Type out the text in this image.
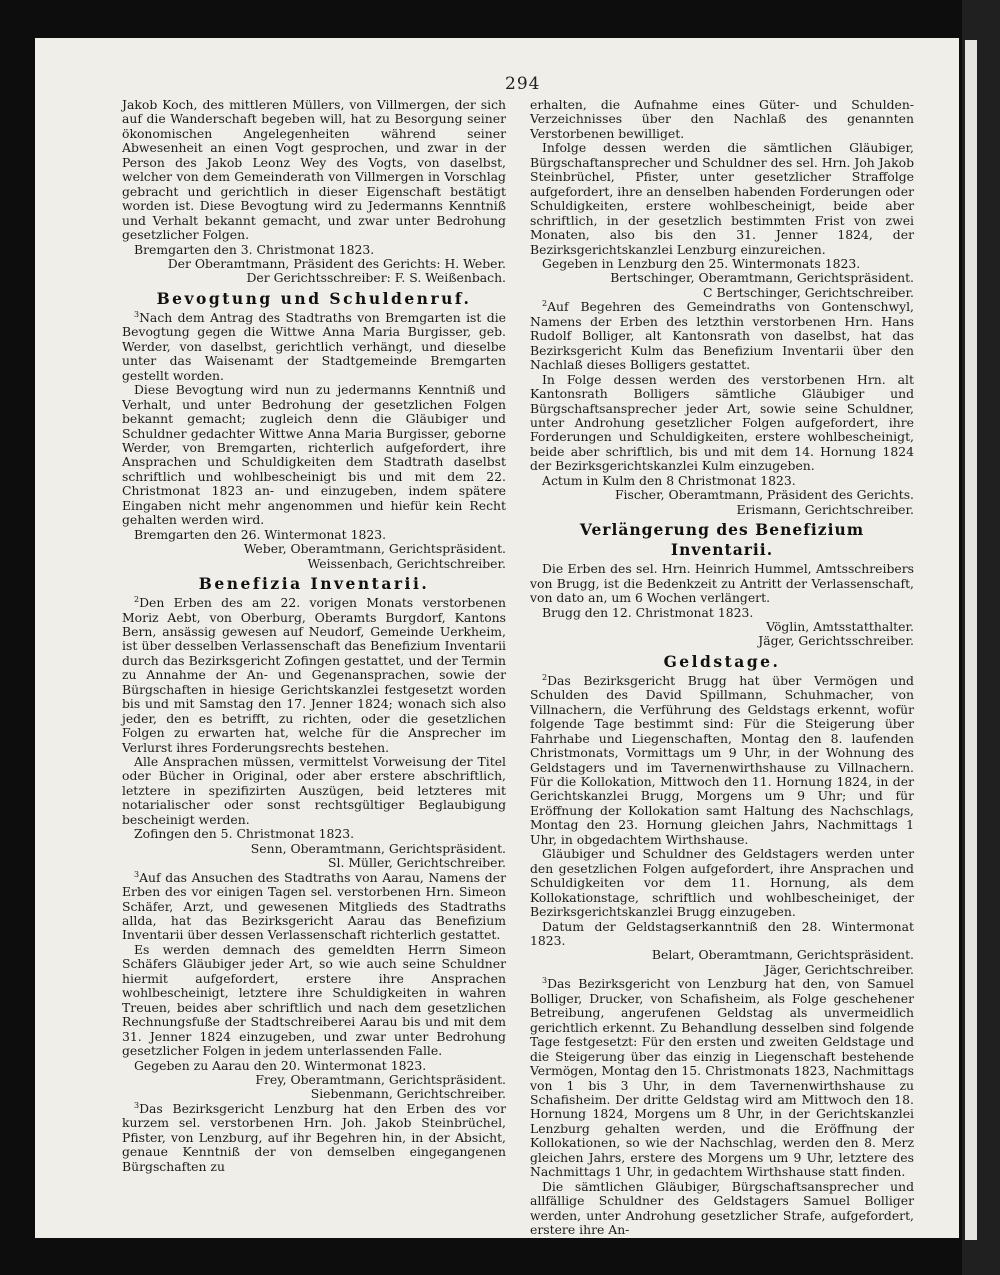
294

Jakob Koch, des mittleren Müllers, von Villmergen, der sich auf die Wanderschaft begeben will, hat zu Besorgung seiner ökonomischen Angelegenheiten während seiner Abwesenheit an einen Vogt gesprochen, und zwar in der Person des Jakob Leonz Wey des Vogts, von daselbst, welcher von dem Gemeinderath von Villmergen in Vorschlag gebracht und gerichtlich in dieser Eigenschaft bestätigt worden ist. Diese Bevogtung wird zu Jedermanns Kenntniß und Verhalt bekannt gemacht, und zwar unter Bedrohung gesetzlicher Folgen.

Bremgarten den 3. Christmonat 1823.

Der Oberamtmann, Präsident des Gerichts: H. Weber.

Der Gerichtsschreiber: F. S. Weißenbach.

Bevogtung und Schuldenruf.

$^3$Nach dem Antrag des Stadtraths von Bremgarten ist die Bevogtung gegen die Wittwe Anna Maria Burgisser, geb. Werder, von daselbst, gerichtlich verhängt, und dieselbe unter das Waisenamt der Stadtgemeinde Bremgarten gestellt worden.

Diese Bevogtung wird nun zu jedermanns Kenntniß und Verhalt, und unter Bedrohung der gesetzlichen Folgen bekannt gemacht; zugleich denn die Gläubiger und Schuldner gedachter Wittwe Anna Maria Burgisser, geborne Werder, von Bremgarten, richterlich aufgefordert, ihre Ansprachen und Schuldigkeiten dem Stadtrath daselbst schriftlich und wohlbescheinigt bis und mit dem 22. Christmonat 1823 an- und einzugeben, indem spätere Eingaben nicht mehr angenommen und hiefür kein Recht gehalten werden wird.

Bremgarten den 26. Wintermonat 1823.

Weber, Oberamtmann, Gerichtspräsident.

Weissenbach, Gerichtschreiber.

Benefizia Inventarii.

$^2$Den Erben des am 22. vorigen Monats verstorbenen Moriz Aebt, von Oberburg, Oberamts Burgdorf, Kantons Bern, ansässig gewesen auf Neudorf, Gemeinde Uerkheim, ist über desselben Verlassenschaft das Benefizium Inventarii durch das Bezirksgericht Zofingen gestattet, und der Termin zu Annahme der An- und Gegenansprachen, sowie der Bürgschaften in hiesige Gerichtskanzlei festgesetzt worden bis und mit Samstag den 17. Jenner 1824; wonach sich also jeder, den es betrifft, zu richten, oder die gesetzlichen Folgen zu erwarten hat, welche für die Ansprecher im Verlurst ihres Forderungsrechts bestehen.

Alle Ansprachen müssen, vermittelst Vorweisung der Titel oder Bücher in Original, oder aber erstere abschriftlich, letztere in spezifizirten Auszügen, beid letzteres mit notarialischer oder sonst rechtsgültiger Beglaubigung bescheinigt werden.

Zofingen den 5. Christmonat 1823.

Senn, Oberamtmann, Gerichtspräsident.

Sl. Müller, Gerichtschreiber.

$^3$Auf das Ansuchen des Stadtraths von Aarau, Namens der Erben des vor einigen Tagen sel. verstorbenen Hrn. Simeon Schäfer, Arzt, und gewesenen Mitglieds des Stadtraths allda, hat das Bezirksgericht Aarau das Benefizium Inventarii über dessen Verlassenschaft richterlich gestattet.

Es werden demnach des gemeldten Herrn Simeon Schäfers Gläubiger jeder Art, so wie auch seine Schuldner hiermit aufgefordert, erstere ihre Ansprachen wohlbescheinigt, letztere ihre Schuldigkeiten in wahren Treuen, beides aber schriftlich und nach dem gesetzlichen Rechnungsfuße der Stadtschreiberei Aarau bis und mit dem 31. Jenner 1824 einzugeben, und zwar unter Bedrohung gesetzlicher Folgen in jedem unterlassenden Falle.

Gegeben zu Aarau den 20. Wintermonat 1823.

Frey, Oberamtmann, Gerichtspräsident.

Siebenmann, Gerichtschreiber.

$^3$Das Bezirksgericht Lenzburg hat den Erben des vor kurzem sel. verstorbenen Hrn. Joh. Jakob Steinbrüchel, Pfister, von Lenzburg, auf ihr Begehren hin, in der Absicht, genaue Kenntniß der von demselben eingegangenen Bürgschaften zu

erhalten, die Aufnahme eines Güter- und Schulden-Verzeichnisses über den Nachlaß des genannten Verstorbenen bewilliget.

Infolge dessen werden die sämtlichen Gläubiger, Bürgschaftansprecher und Schuldner des sel. Hrn. Joh Jakob Steinbrüchel, Pfister, unter gesetzlicher Straffolge aufgefordert, ihre an denselben habenden Forderungen oder Schuldigkeiten, erstere wohlbescheinigt, beide aber schriftlich, in der gesetzlich bestimmten Frist von zwei Monaten, also bis den 31. Jenner 1824, der Bezirksgerichtskanzlei Lenzburg einzureichen.

Gegeben in Lenzburg den 25. Wintermonats 1823.

Bertschinger, Oberamtmann, Gerichtspräsident.

C Bertschinger, Gerichtschreiber.

$^2$Auf Begehren des Gemeindraths von Gontenschwyl, Namens der Erben des letzthin verstorbenen Hrn. Hans Rudolf Bolliger, alt Kantonsrath von daselbst, hat das Bezirksgericht Kulm das Benefizium Inventarii über den Nachlaß dieses Bolligers gestattet.

In Folge dessen werden des verstorbenen Hrn. alt Kantonsrath Bolligers sämtliche Gläubiger und Bürgschaftsansprecher jeder Art, sowie seine Schuldner, unter Androhung gesetzlicher Folgen aufgefordert, ihre Forderungen und Schuldigkeiten, erstere wohlbescheinigt, beide aber schriftlich, bis und mit dem 14. Hornung 1824 der Bezirksgerichtskanzlei Kulm einzugeben.

Actum in Kulm den 8 Christmonat 1823.

Fischer, Oberamtmann, Präsident des Gerichts.

Erismann, Gerichtschreiber.

Verlängerung des Benefizium Inventarii.

Die Erben des sel. Hrn. Heinrich Hummel, Amtsschreibers von Brugg, ist die Bedenkzeit zu Antritt der Verlassenschaft, von dato an, um 6 Wochen verlängert.

Brugg den 12. Christmonat 1823.

Vöglin, Amtsstatthalter.

Jäger, Gerichtsschreiber.

Geldstage.

$^2$Das Bezirksgericht Brugg hat über Vermögen und Schulden des David Spillmann, Schuhmacher, von Villnachern, die Verführung des Geldstags erkennt, wofür folgende Tage bestimmt sind: Für die Steigerung über Fahrhabe und Liegenschaften, Montag den 8. laufenden Christmonats, Vormittags um 9 Uhr, in der Wohnung des Geldstagers und im Tavernenwirthshause zu Villnachern. Für die Kollokation, Mittwoch den 11. Hornung 1824, in der Gerichtskanzlei Brugg, Morgens um 9 Uhr; und für Eröffnung der Kollokation samt Haltung des Nachschlags, Montag den 23. Hornung gleichen Jahrs, Nachmittags 1 Uhr, in obgedachtem Wirthshause.

Gläubiger und Schuldner des Geldstagers werden unter den gesetzlichen Folgen aufgefordert, ihre Ansprachen und Schuldigkeiten vor dem 11. Hornung, als dem Kollokationstage, schriftlich und wohlbescheiniget, der Bezirksgerichtskanzlei Brugg einzugeben.

Datum der Geldstagserkanntniß den 28. Wintermonat 1823.

Belart, Oberamtmann, Gerichtspräsident.

Jäger, Gerichtschreiber.

$^3$Das Bezirksgericht von Lenzburg hat den, von Samuel Bolliger, Drucker, von Schafisheim, als Folge geschehener Betreibung, angerufenen Geldstag als unvermeidlich gerichtlich erkennt. Zu Behandlung desselben sind folgende Tage festgesetzt: Für den ersten und zweiten Geldstage und die Steigerung über das einzig in Liegenschaft bestehende Vermögen, Montag den 15. Christmonats 1823, Nachmittags von 1 bis 3 Uhr, in dem Tavernenwirthshause zu Schafisheim. Der dritte Geldstag wird am Mittwoch den 18. Hornung 1824, Morgens um 8 Uhr, in der Gerichtskanzlei Lenzburg gehalten werden, und die Eröffnung der Kollokationen, so wie der Nachschlag, werden den 8. Merz gleichen Jahrs, erstere des Morgens um 9 Uhr, letztere des Nachmittags 1 Uhr, in gedachtem Wirthshause statt finden.

Die sämtlichen Gläubiger, Bürgschaftsansprecher und allfällige Schuldner des Geldstagers Samuel Bolliger werden, unter Androhung gesetzlicher Strafe, aufgefordert, erstere ihre An-
